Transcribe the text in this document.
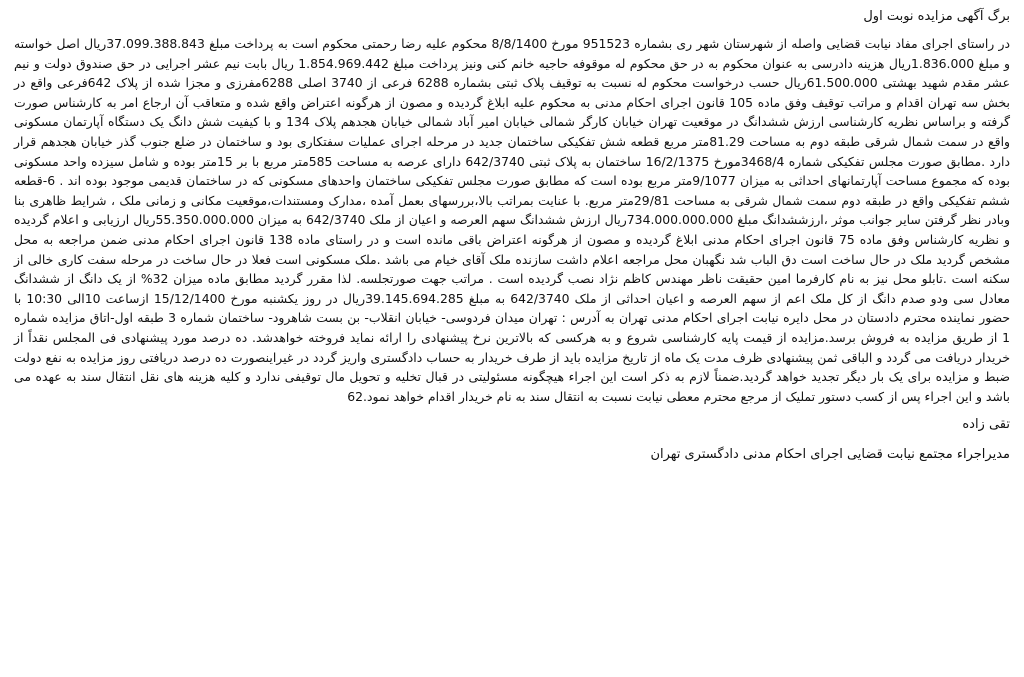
برگ آگهی مزایده نوبت اول

در راستای اجرای مفاد نیابت قضایی واصله از شهرستان شهر ری بشماره 951523 مورخ 8/8/1400 محکوم علیه رضا رحمتی محکوم است به پرداخت مبلغ 37.099.388.843ریال اصل خواسته و مبلغ 1.836.000ریال هزینه دادرسی به عنوان محکوم به در حق محکوم له موقوفه حاجیه خانم کنی ونیز پرداخت مبلغ 1.854.969.442 ریال بابت نیم عشر اجرایی در حق صندوق دولت و نیم عشر مقدم شهید بهشتی 61.500.000ریال حسب درخواست محکوم له نسبت به توقیف پلاک ثبتی بشماره 6288 فرعی از 3740 اصلی 6288مفرزی و مجزا شده از پلاک 642فرعی واقع در بخش سه تهران اقدام و مراتب توقیف وفق ماده 105 قانون اجرای احکام مدنی به محکوم علیه ابلاغ گردیده و مصون از هرگونه اعتراض واقع شده و متعاقب آن ارجاع امر به کارشناس صورت گرفته و براساس نظریه کارشناسی ارزش ششدانگ در موقعیت تهران خیابان کارگر شمالی خیابان امیر آباد شمالی خیابان هجدهم پلاک 134 و با کیفیت شش دانگ یک دستگاه آپارتمان مسکونی واقع در سمت شمال شرقی طبقه دوم به مساحت 81.29متر مربع قطعه شش تفکیکی ساختمان جدید در مرحله اجرای عملیات سفتکاری بود و ساختمان در ضلع جنوب گذر خیابان هجدهم قرار دارد .مطابق صورت مجلس تفکیکی شماره 3468/4مورخ 16/2/1375 ساختمان به پلاک ثبتی 642/3740 دارای عرصه به مساحت 585متر مربع با بر 15متر بوده و شامل سیزده واحد مسکونی بوده که مجموع مساحت آپارتمانهای احداثی به میزان 9/1077متر مربع بوده است که مطابق صورت مجلس تفکیکی ساختمان واحدهای مسکونی که در ساختمان قدیمی موجود بوده اند . 6-قطعه ششم تفکیکی واقع در طبقه دوم سمت شمال شرقی به مساحت 29/81متر مربع. با عنایت بمراتب بالا،بررسهای بعمل آمده ،مدارک ومستندات،موقعیت مکانی و زمانی ملک ، شرایط ظاهری بنا وبادر نظر گرفتن سایر جوانب موثر ،ارزششدانگ مبلغ 734.000.000.000ریال ارزش ششدانگ سهم العرصه و اعیان از ملک 642/3740 به میزان 55.350.000.000ریال ارزیابی و اعلام گردیده و نظریه کارشناس وفق ماده 75 قانون اجرای احکام مدنی ابلاغ گردیده و مصون از هرگونه اعتراض باقی مانده است و در راستای ماده 138 قانون اجرای احکام مدنی ضمن مراجعه به محل مشخص گردید ملک در حال ساخت است دق الباب شد نگهبان محل مراجعه اعلام داشت سازنده ملک آقای خیام می باشد .ملک مسکونی است فعلا در حال ساخت در مرحله سفت کاری خالی از سکنه است .تابلو محل نیز به نام کارفرما امین حقیقت ناظر مهندس کاظم نژاد نصب گردیده است . مراتب جهت صورتجلسه. لذا مقرر گردید مطابق ماده میزان 32% از یک دانگ از ششدانگ معادل سی ودو صدم دانگ از کل ملک اعم از سهم العرصه و اعیان احداثی از ملک 642/3740 به مبلغ 39.145.694.285ریال در روز یکشنبه مورخ 15/12/1400 ازساعت 10الی 10:30 با حضور نماینده محترم دادستان در محل دایره نیابت اجرای احکام مدنی تهران به آدرس : تهران میدان فردوسی- خیابان انقلاب- بن بست شاهرود- ساختمان شماره 3 طبقه اول-اتاق مزایده شماره 1 از طریق مزایده به فروش برسد.مزایده از قیمت پایه کارشناسی شروع و به هرکسی که بالاترین نرخ پیشنهادی را ارائه نماید فروخته خواهدشد. ده درصد مورد پیشنهادی فی المجلس نقداً از خریدار دریافت می گردد و الباقی ثمن پیشنهادی ظرف مدت یک ماه از تاریخ مزایده باید از طرف خریدار به حساب دادگستری واریز گردد در غیراینصورت ده درصد دریافتی روز مزایده به نفع دولت ضبط و مزایده برای یک بار دیگر تجدید خواهد گردید.ضمناً لازم به ذکر است این اجراء هیچگونه مسئولیتی در قبال تخلیه و تحویل مال توقیفی ندارد و کلیه هزینه های نقل انتقال سند به عهده می باشد و این اجراء پس از کسب دستور تملیک از مرجع محترم معطی نیابت نسبت به انتقال سند به نام خریدار اقدام خواهد نمود.62

تقی زاده
مدیراجراء مجتمع نیابت قضایی اجرای احکام مدنی دادگستری تهران
